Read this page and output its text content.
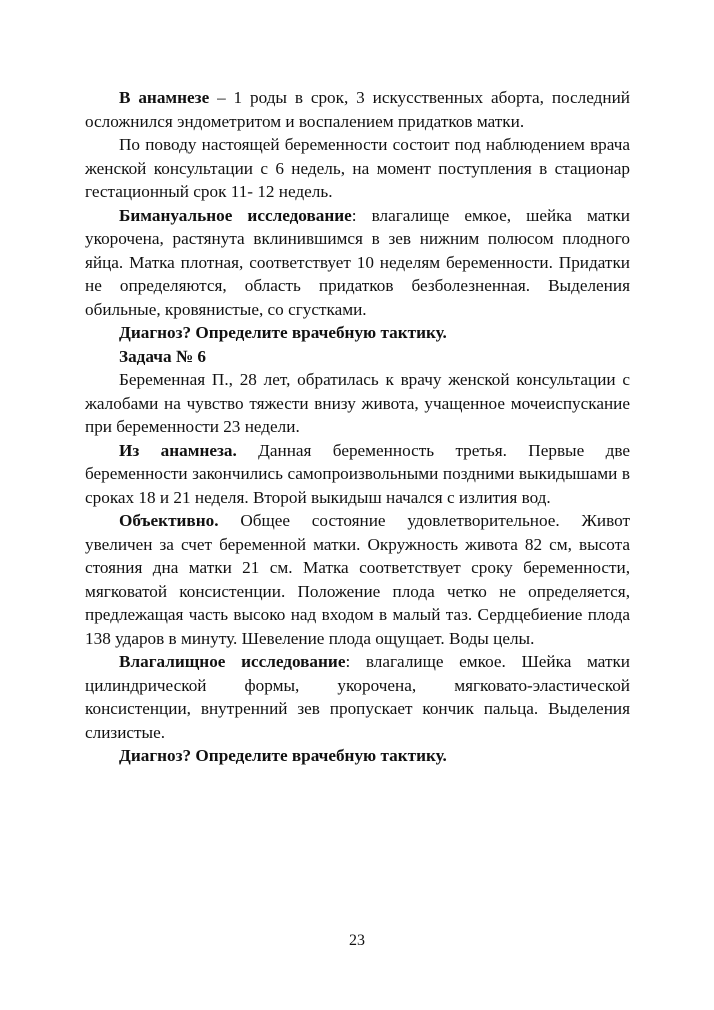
В анамнезе – 1 роды в срок, 3 искусственных аборта, последний осложнился эндометритом и воспалением придатков матки.

По поводу настоящей беременности состоит под наблюдением врача женской консультации с 6 недель, на момент поступления в стационар гестационный срок 11- 12 недель.

Бимануальное исследование: влагалище емкое, шейка матки укорочена, растянута вклинившимся в зев нижним полюсом плодного яйца. Матка плотная, соответствует 10 неделям беременности. Придатки не определяются, область придатков безболезненная. Выделения обильные, кровянистые, со сгустками.

Диагноз? Определите врачебную тактику.

Задача № 6

Беременная П., 28 лет, обратилась к врачу женской консультации с жалобами на чувство тяжести внизу живота, учащенное мочеиспускание при беременности 23 недели.

Из анамнеза. Данная беременность третья. Первые две беременности закончились самопроизвольными поздними выкидышами в сроках 18 и 21 неделя. Второй выкидыш начался с излития вод.

Объективно. Общее состояние удовлетворительное. Живот увеличен за счет беременной матки. Окружность живота 82 см, высота стояния дна матки 21 см. Матка соответствует сроку беременности, мягковатой консистенции. Положение плода четко не определяется, предлежащая часть высоко над входом в малый таз. Сердцебиение плода 138 ударов в минуту. Шевеление плода ощущает. Воды целы.

Влагалищное исследование: влагалище емкое. Шейка матки цилиндрической формы, укорочена, мягковато-эластической консистенции, внутренний зев пропускает кончик пальца. Выделения слизистые.

Диагноз? Определите врачебную тактику.

23
